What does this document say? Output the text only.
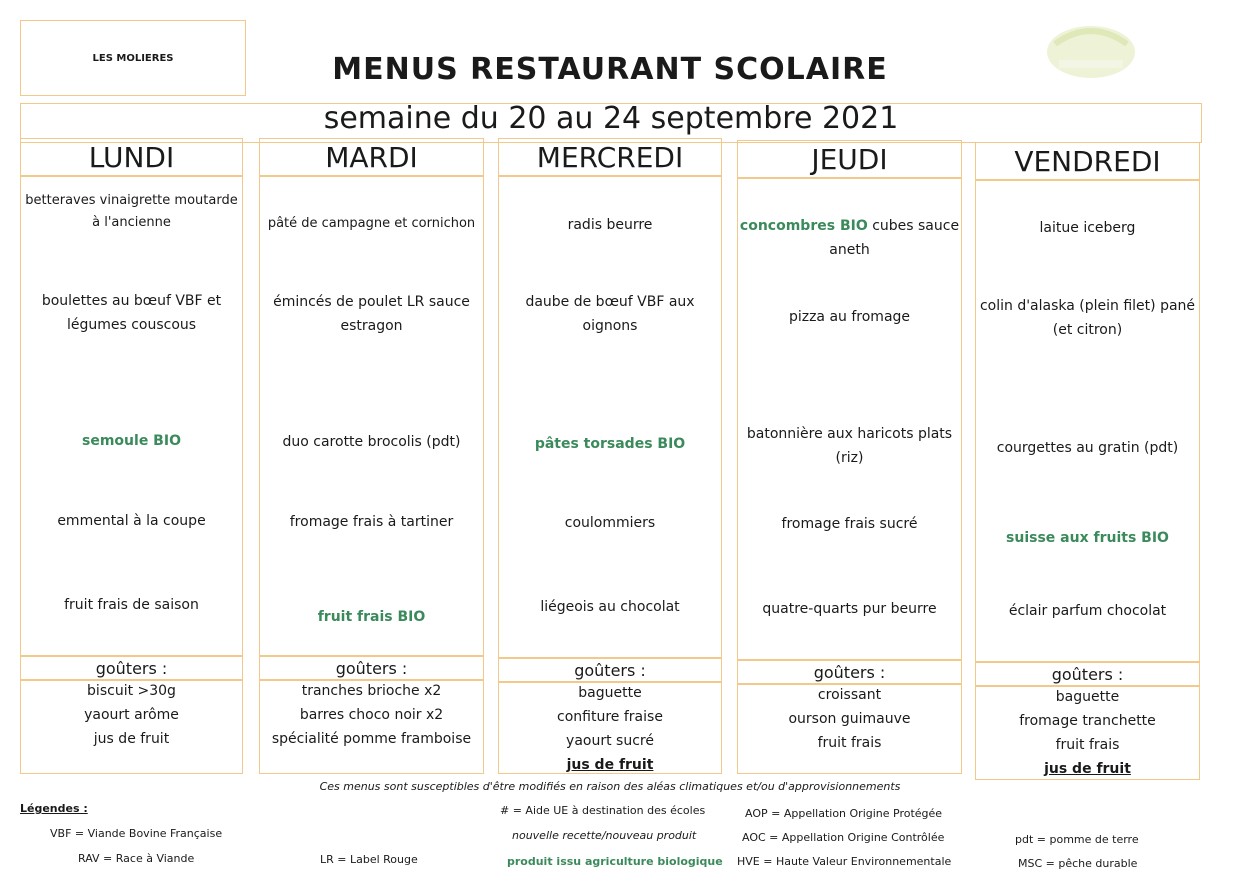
LES MOLIERES	MENUS RESTAURANT SCOLAIRE
semaine du 20 au 24 septembre 2021
LUNDI
betteraves vinaigrette moutarde à l'ancienne
boulettes au bœuf VBF et légumes couscous
semoule BIO
emmental à la coupe
fruit frais de saison
goûters :
biscuit >30g
yaourt arôme
jus de fruit
MARDI
pâté de campagne et cornichon
émincés de poulet LR sauce estragon
duo carotte brocolis (pdt)
fromage frais à tartiner
fruit frais BIO
goûters :
tranches brioche x2
barres choco noir x2
spécialité pomme framboise
MERCREDI
radis beurre
daube de bœuf VBF aux oignons
pâtes torsades BIO
coulommiers
liégeois au chocolat
goûters :
baguette
confiture fraise
yaourt sucré
jus de fruit
JEUDI
concombres BIO cubes sauce aneth
pizza au fromage
batonnière aux haricots plats (riz)
fromage frais sucré
quatre-quarts pur beurre
goûters :
croissant
ourson guimauve
fruit frais
VENDREDI
laitue iceberg
colin d'alaska (plein filet) pané (et citron)
courgettes au gratin (pdt)
suisse aux fruits BIO
éclair parfum chocolat
goûters :
baguette
fromage tranchette
fruit frais
jus de fruit
Ces menus sont susceptibles d'être modifiés en raison des aléas climatiques et/ou d'approvisionnements
Légendes :
VBF = Viande Bovine Française
RAV = Race à Viande	LR = Label Rouge
# = Aide UE à destination des écoles
nouvelle recette/nouveau produit
produit issu agriculture biologique
AOP = Appellation Origine Protégée
AOC = Appellation Origine Contrôlée
HVE = Haute Valeur Environnementale
pdt = pomme de terre
MSC = pêche durable
